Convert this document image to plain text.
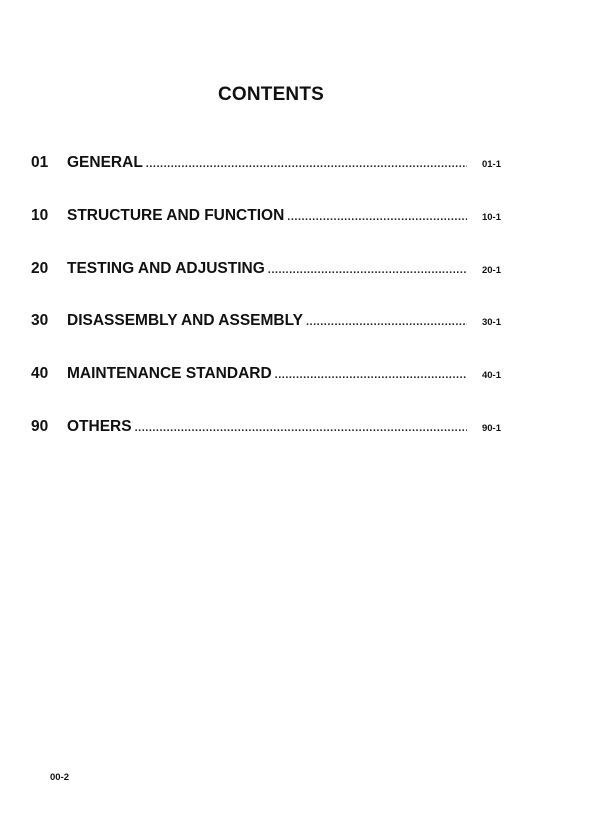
CONTENTS
01	GENERAL .....	01-1
10	STRUCTURE AND FUNCTION .....	10-1
20	TESTING AND ADJUSTING .....	20-1
30	DISASSEMBLY AND ASSEMBLY .....	30-1
40	MAINTENANCE STANDARD .....	40-1
90	OTHERS .....	90-1
00-2
